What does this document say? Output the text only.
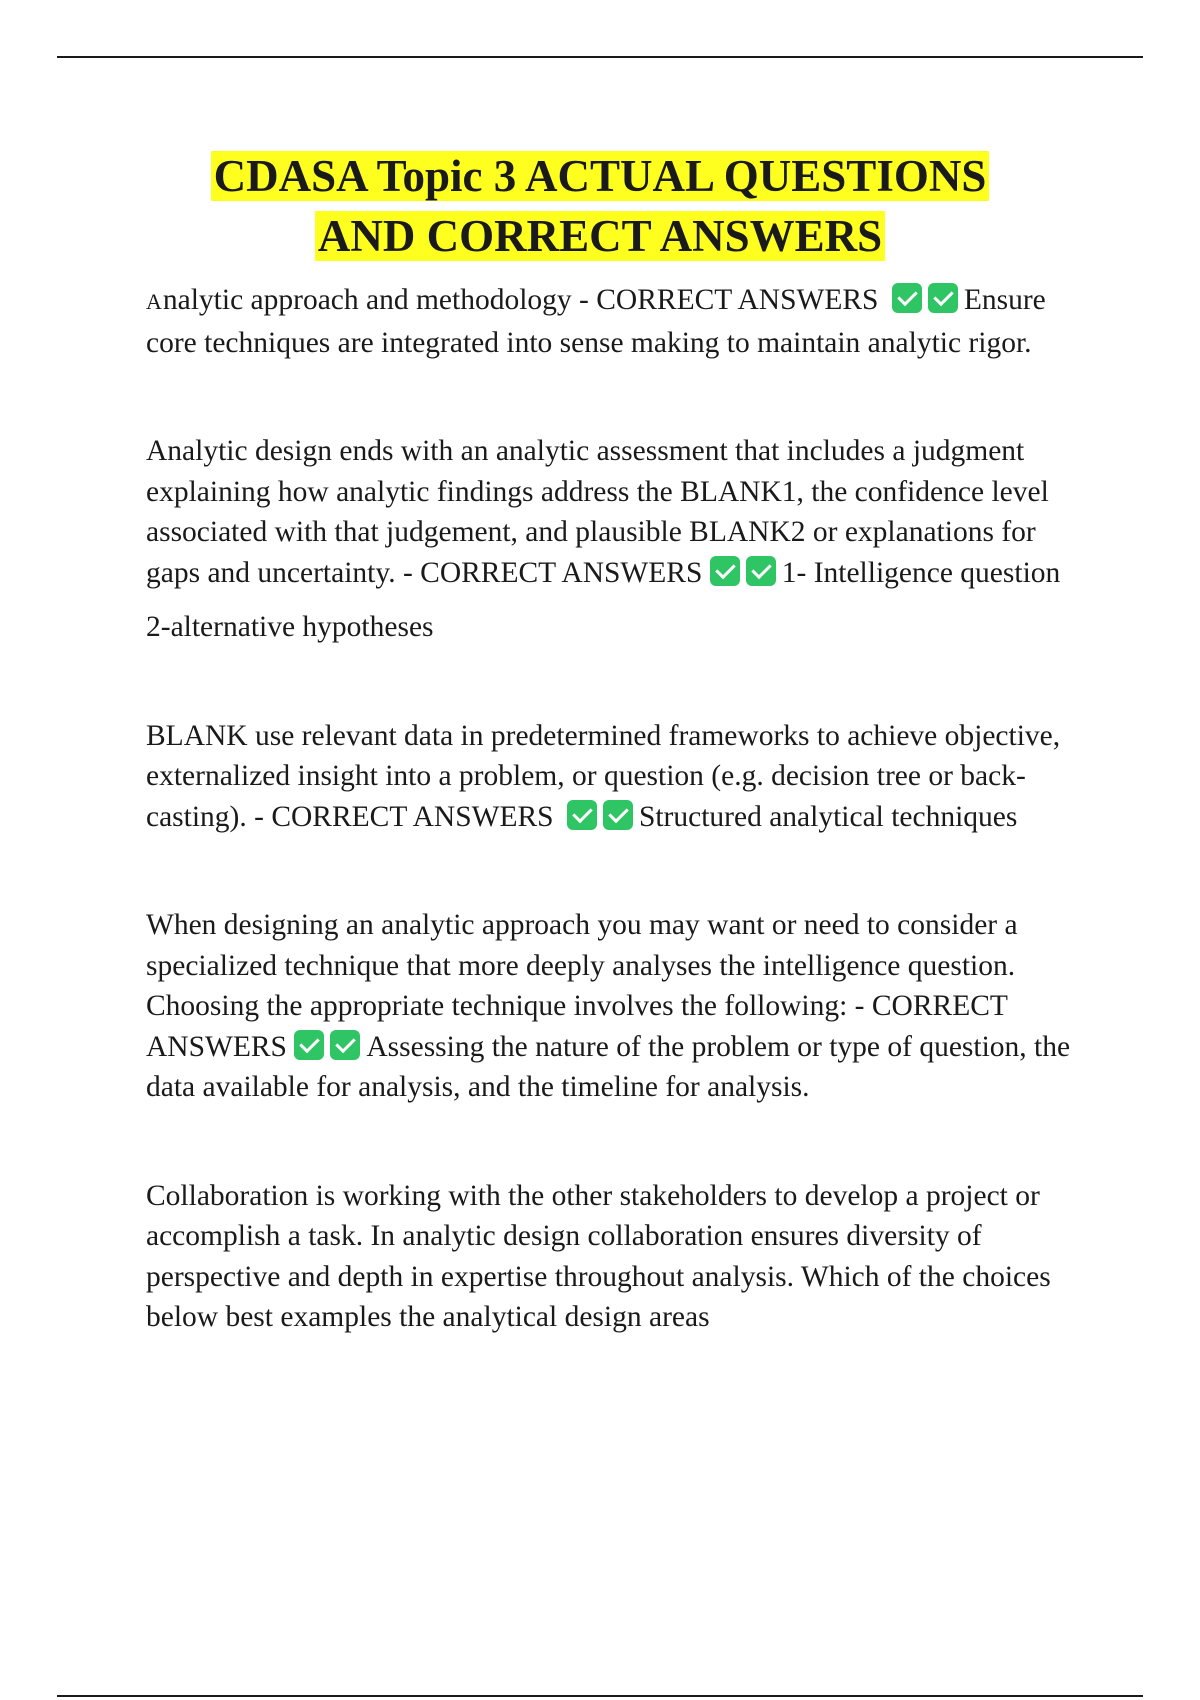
CDASA Topic 3 ACTUAL QUESTIONS
AND CORRECT ANSWERS
Analytic approach and methodology - CORRECT ANSWERS	Ensure core techniques are integrated into sense making to maintain analytic rigor.
Analytic design ends with an analytic assessment that includes a judgment explaining how analytic findings address the BLANK1, the confidence level associated with that judgement, and plausible BLANK2 or explanations for gaps and uncertainty. - CORRECT ANSWERS	1- Intelligence question
2-alternative hypotheses
BLANK use relevant data in predetermined frameworks to achieve objective, externalized insight into a problem, or question (e.g. decision tree or back-casting). - CORRECT ANSWERS	Structured analytical techniques
When designing an analytic approach you may want or need to consider a specialized technique that more deeply analyses the intelligence question. Choosing the appropriate technique involves the following: - CORRECT ANSWERS	Assessing the nature of the problem or type of question, the data available for analysis, and the timeline for analysis.
Collaboration is working with the other stakeholders to develop a project or accomplish a task. In analytic design collaboration ensures diversity of perspective and depth in expertise throughout analysis. Which of the choices below best examples the analytical design areas
